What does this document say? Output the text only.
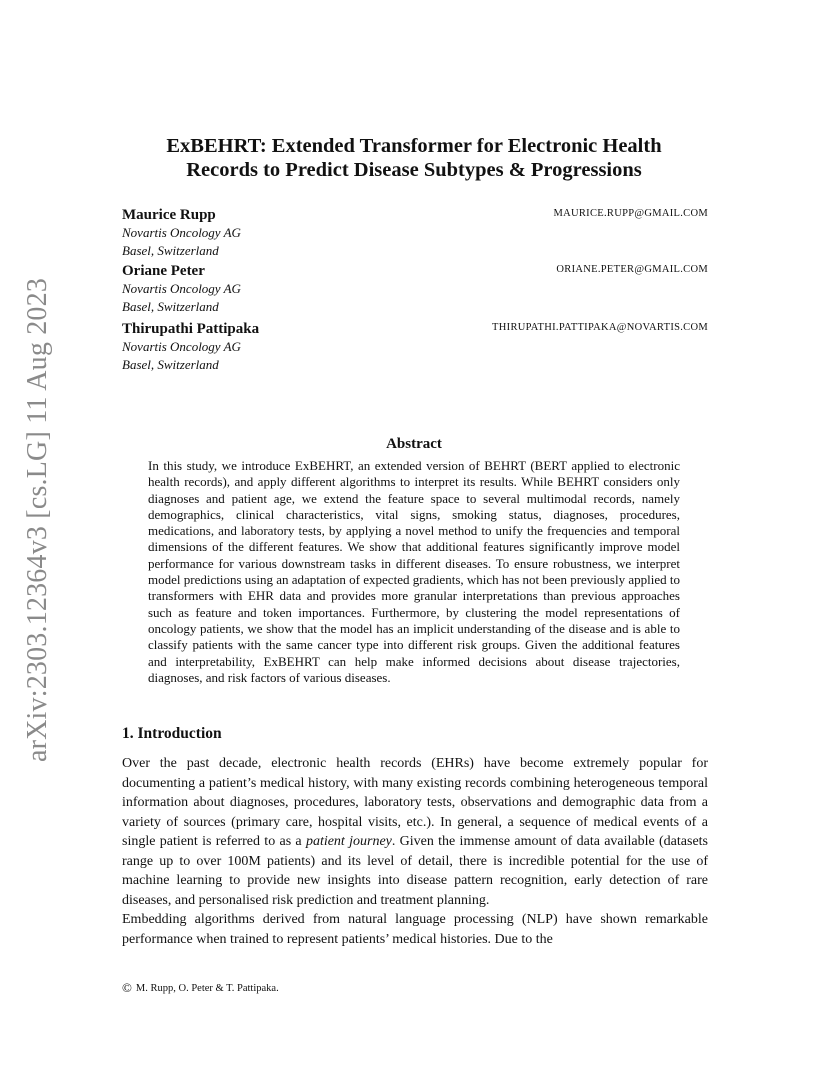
arXiv:2303.12364v3 [cs.LG] 11 Aug 2023
ExBEHRT: Extended Transformer for Electronic Health
Records to Predict Disease Subtypes & Progressions
Maurice Rupp	MAURICE.RUPP@GMAIL.COM
Novartis Oncology AG
Basel, Switzerland
Oriane Peter	ORIANE.PETER@GMAIL.COM
Novartis Oncology AG
Basel, Switzerland
Thirupathi Pattipaka	THIRUPATHI.PATTIPAKA@NOVARTIS.COM
Novartis Oncology AG
Basel, Switzerland
Abstract
In this study, we introduce ExBEHRT, an extended version of BEHRT (BERT applied to electronic health records), and apply different algorithms to interpret its results. While BEHRT considers only diagnoses and patient age, we extend the feature space to several multimodal records, namely demographics, clinical characteristics, vital signs, smoking status, diagnoses, procedures, medications, and laboratory tests, by applying a novel method to unify the frequencies and temporal dimensions of the different features. We show that additional features significantly improve model performance for various downstream tasks in different diseases. To ensure robustness, we interpret model predictions using an adaptation of expected gradients, which has not been previously applied to transformers with EHR data and provides more granular interpretations than previous approaches such as feature and token importances. Furthermore, by clustering the model representations of oncology patients, we show that the model has an implicit understanding of the disease and is able to classify patients with the same cancer type into different risk groups. Given the additional features and interpretability, ExBEHRT can help make informed decisions about disease trajectories, diagnoses, and risk factors of various diseases.
1. Introduction

Over the past decade, electronic health records (EHRs) have become extremely popular for documenting a patient’s medical history, with many existing records combining heterogeneous temporal information about diagnoses, procedures, laboratory tests, observations and demographic data from a variety of sources (primary care, hospital visits, etc.). In general, a sequence of medical events of a single patient is referred to as a patient journey. Given the immense amount of data available (datasets range up to over 100M patients) and its level of detail, there is incredible potential for the use of machine learning to provide new insights into disease pattern recognition, early detection of rare diseases, and personalised risk prediction and treatment planning.

Embedding algorithms derived from natural language processing (NLP) have shown remarkable performance when trained to represent patients’ medical histories. Due to the

© M. Rupp, O. Peter & T. Pattipaka.
